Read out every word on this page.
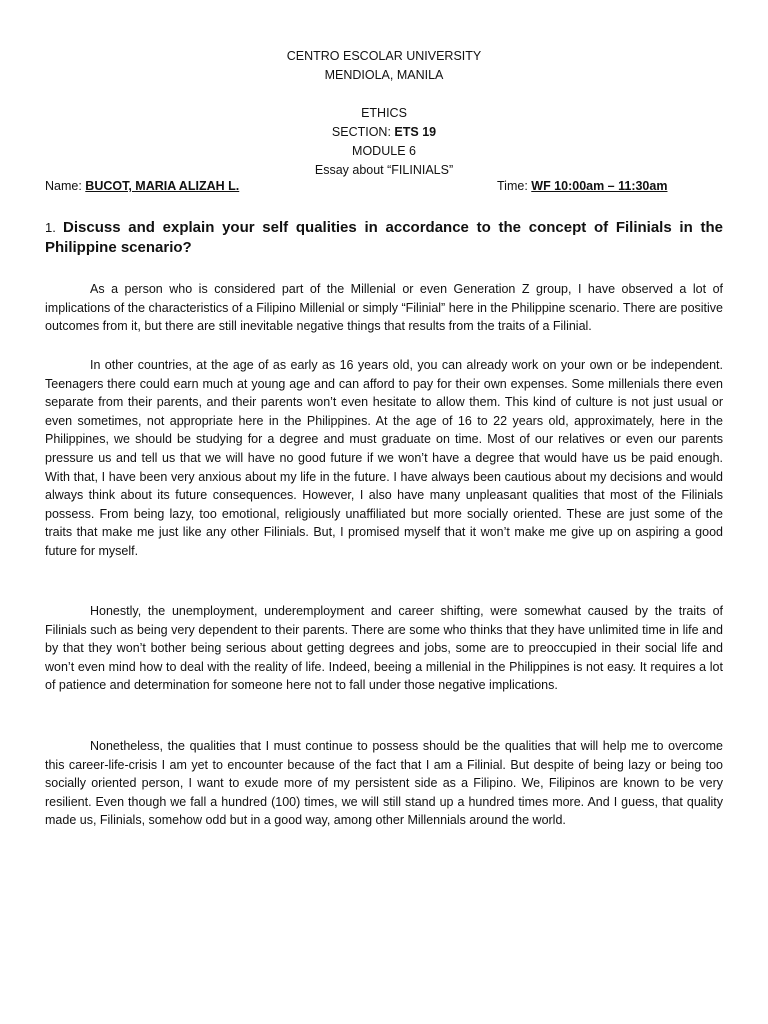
CENTRO ESCOLAR UNIVERSITY
MENDIOLA, MANILA
ETHICS
SECTION: ETS 19
MODULE 6
Essay about “FILINIALS”
Name: BUCOT, MARIA ALIZAH L.	Time: WF 10:00am – 11:30am
1. Discuss and explain your self qualities in accordance to the concept of Filinials in the Philippine scenario?

As a person who is considered part of the Millenial or even Generation Z group, I have observed a lot of implications of the characteristics of a Filipino Millenial or simply “Filinial” here in the Philippine scenario. There are positive outcomes from it, but there are still inevitable negative things that results from the traits of a Filinial.

In other countries, at the age of as early as 16 years old, you can already work on your own or be independent. Teenagers there could earn much at young age and can afford to pay for their own expenses. Some millenials there even separate from their parents, and their parents won’t even hesitate to allow them. This kind of culture is not just usual or even sometimes, not appropriate here in the Philippines. At the age of 16 to 22 years old, approximately, here in the Philippines, we should be studying for a degree and must graduate on time. Most of our relatives or even our parents pressure us and tell us that we will have no good future if we won’t have a degree that would have us be paid enough. With that, I have been very anxious about my life in the future. I have always been cautious about my decisions and would always think about its future consequences. However, I also have many unpleasant qualities that most of the Filinials possess. From being lazy, too emotional, religiously unaffiliated but more socially oriented. These are just some of the traits that make me just like any other Filinials. But, I promised myself that it won’t make me give up on aspiring a good future for myself.

Honestly, the unemployment, underemployment and career shifting, were somewhat caused by the traits of Filinials such as being very dependent to their parents. There are some who thinks that they have unlimited time in life and by that they won’t bother being serious about getting degrees and jobs, some are to preoccupied in their social life and won’t even mind how to deal with the reality of life. Indeed, beeing a millenial in the Philippines is not easy. It requires a lot of patience and determination for someone here not to fall under those negative implications.

Nonetheless, the qualities that I must continue to possess should be the qualities that will help me to overcome this career-life-crisis I am yet to encounter because of the fact that I am a Filinial. But despite of being lazy or being too socially oriented person, I want to exude more of my persistent side as a Filipino. We, Filipinos are known to be very resilient. Even though we fall a hundred (100) times, we will still stand up a hundred times more. And I guess, that quality made us, Filinials, somehow odd but in a good way, among other Millennials around the world.
